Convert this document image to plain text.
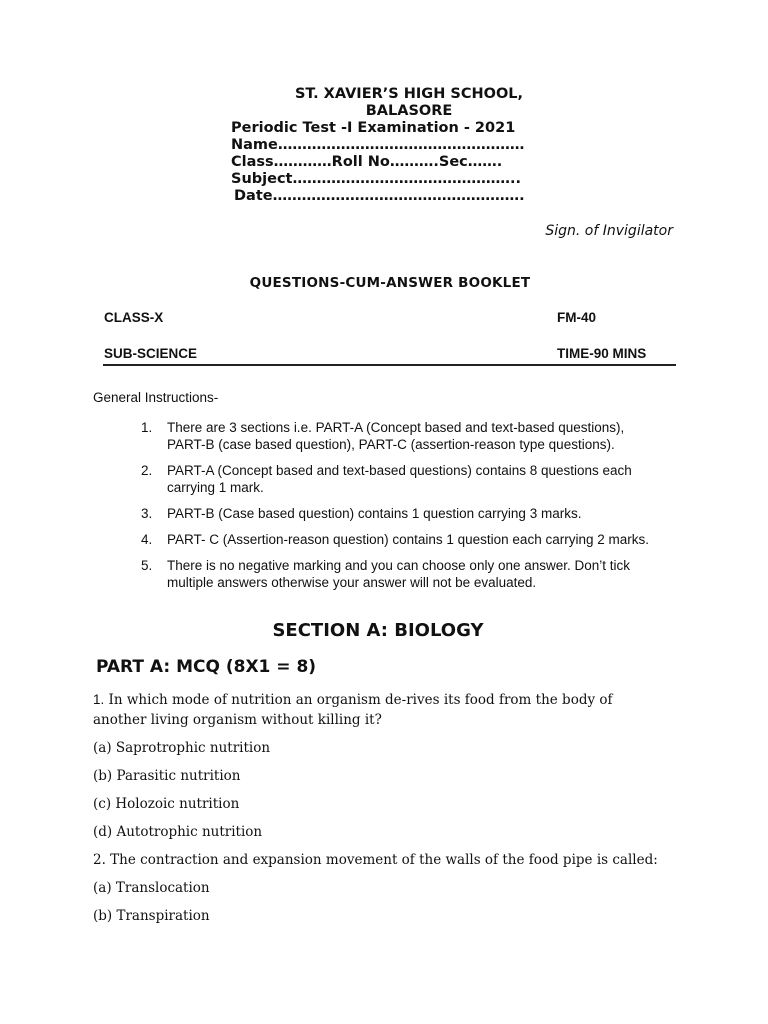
ST. XAVIER’S HIGH SCHOOL,
BALASORE
Periodic Test -I Examination - 2021
Name……………………………………………
Class…………Roll No……….Sec…….
Subject………………………………………..
Date…………………………………………….
Sign. of Invigilator
QUESTIONS-CUM-ANSWER BOOKLET
CLASS-X	FM-40
SUB-SCIENCE	TIME-90 MINS
General Instructions-
1.	There are 3 sections i.e. PART-A (Concept based and text-based questions), PART-B (case based question), PART-C (assertion-reason type questions).
2.	PART-A (Concept based and text-based questions) contains 8 questions each carrying 1 mark.
3.	PART-B (Case based question) contains 1 question carrying 3 marks.
4.	PART- C (Assertion-reason question) contains 1 question each carrying 2 marks.
5.	There is no negative marking and you can choose only one answer. Don’t tick multiple answers otherwise your answer will not be evaluated.
SECTION A: BIOLOGY
PART A: MCQ (8X1 = 8)

1. In which mode of nutrition an organism de-rives its food from the body of another living organism without killing it?

(a) Saprotrophic nutrition

(b) Parasitic nutrition

(c) Holozoic nutrition

(d) Autotrophic nutrition

2. The contraction and expansion movement of the walls of the food pipe is called:

(a) Translocation

(b) Transpiration
